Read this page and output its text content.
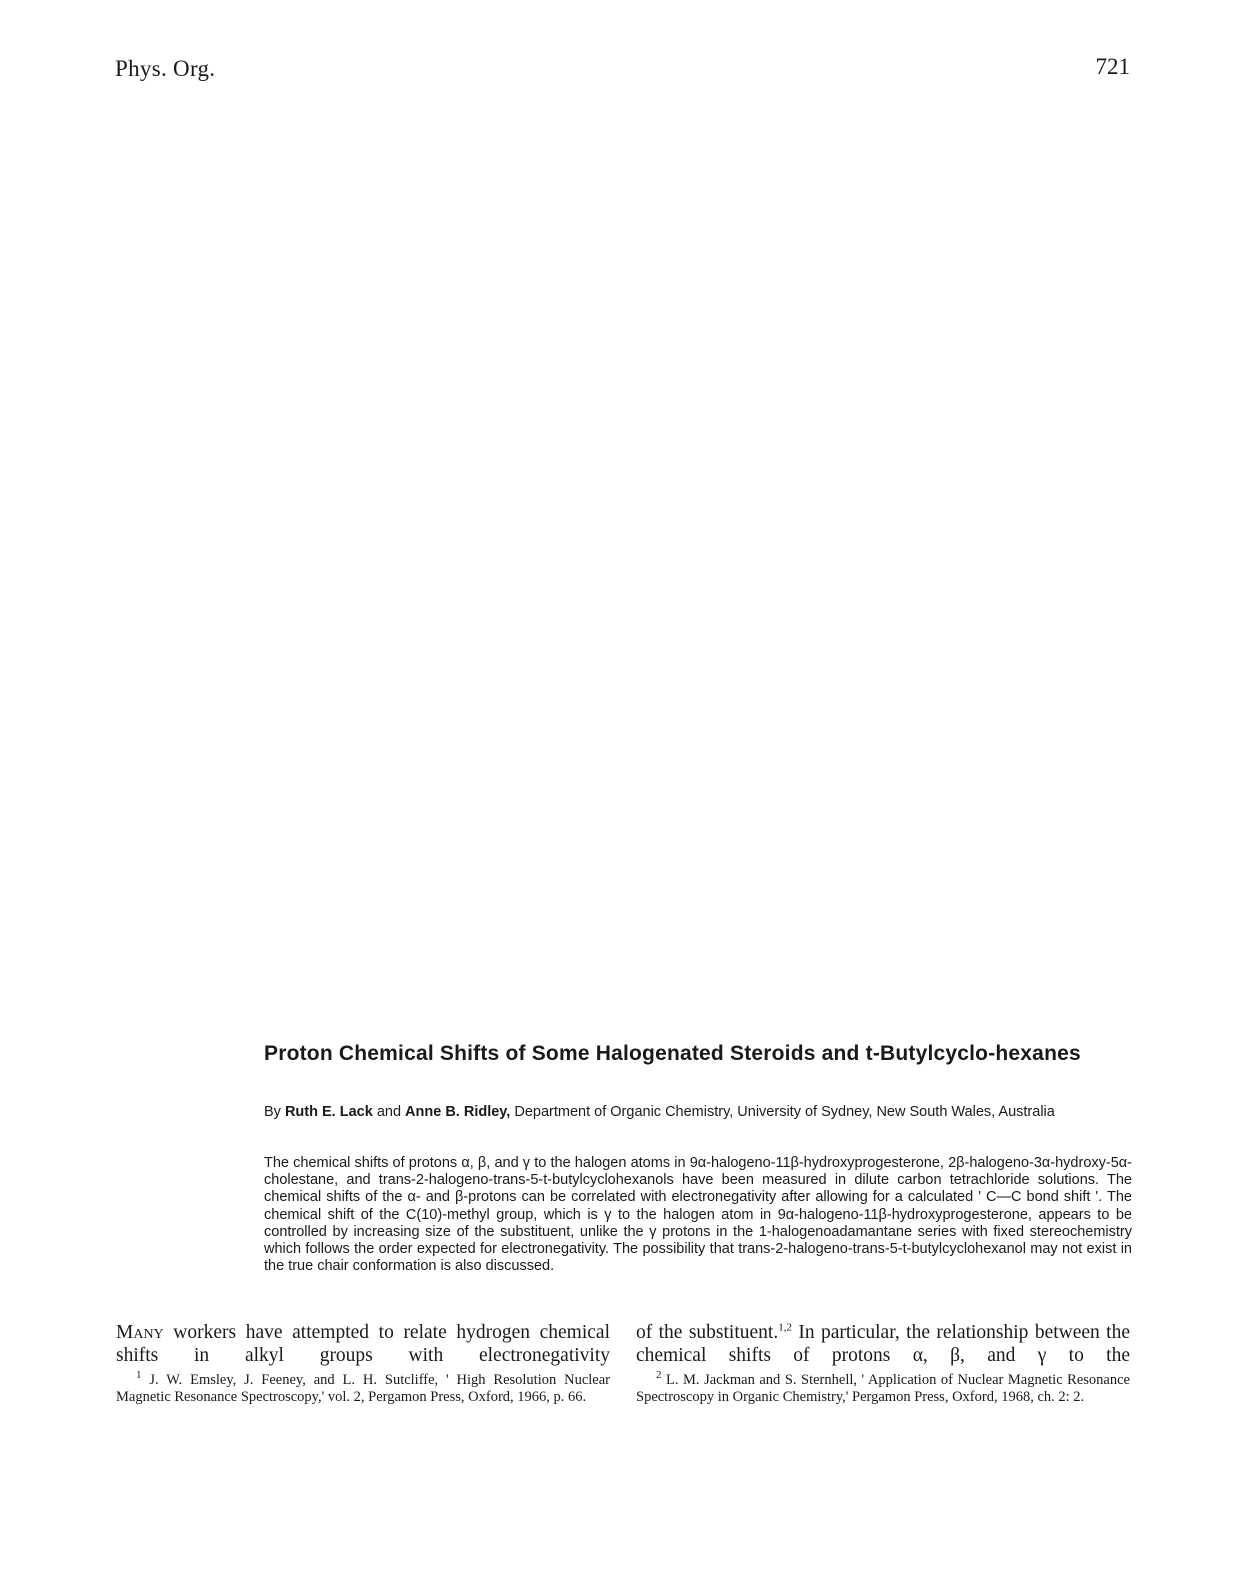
Phys. Org.	721
Proton Chemical Shifts of Some Halogenated Steroids and t-Butylcyclo-hexanes
By Ruth E. Lack and Anne B. Ridley, Department of Organic Chemistry, University of Sydney, New South Wales, Australia

The chemical shifts of protons α, β, and γ to the halogen atoms in 9α-halogeno-11β-hydroxyprogesterone, 2β-halogeno-3α-hydroxy-5α-cholestane, and trans-2-halogeno-trans-5-t-butylcyclohexanols have been measured in dilute carbon tetrachloride solutions. The chemical shifts of the α- and β-protons can be correlated with electronegativity after allowing for a calculated ' C—C bond shift '. The chemical shift of the C(10)-methyl group, which is γ to the halogen atom in 9α-halogeno-11β-hydroxyprogesterone, appears to be controlled by increasing size of the substituent, unlike the γ protons in the 1-halogenoadamantane series with fixed stereochemistry which follows the order expected for electronegativity. The possibility that trans-2-halogeno-trans-5-t-butylcyclohexanol may not exist in the true chair conformation is also discussed.

Many workers have attempted to relate hydrogen chemical shifts in alkyl groups with electronegativity

$^1$ J. W. Emsley, J. Feeney, and L. H. Sutcliffe, ' High Resolution Nuclear Magnetic Resonance Spectroscopy,' vol. 2, Pergamon Press, Oxford, 1966, p. 66.

of the substituent.$^{1,2}$ In particular, the relationship between the chemical shifts of protons α, β, and γ to the

$^2$ L. M. Jackman and S. Sternhell, ' Application of Nuclear Magnetic Resonance Spectroscopy in Organic Chemistry,' Pergamon Press, Oxford, 1968, ch. 2: 2.
